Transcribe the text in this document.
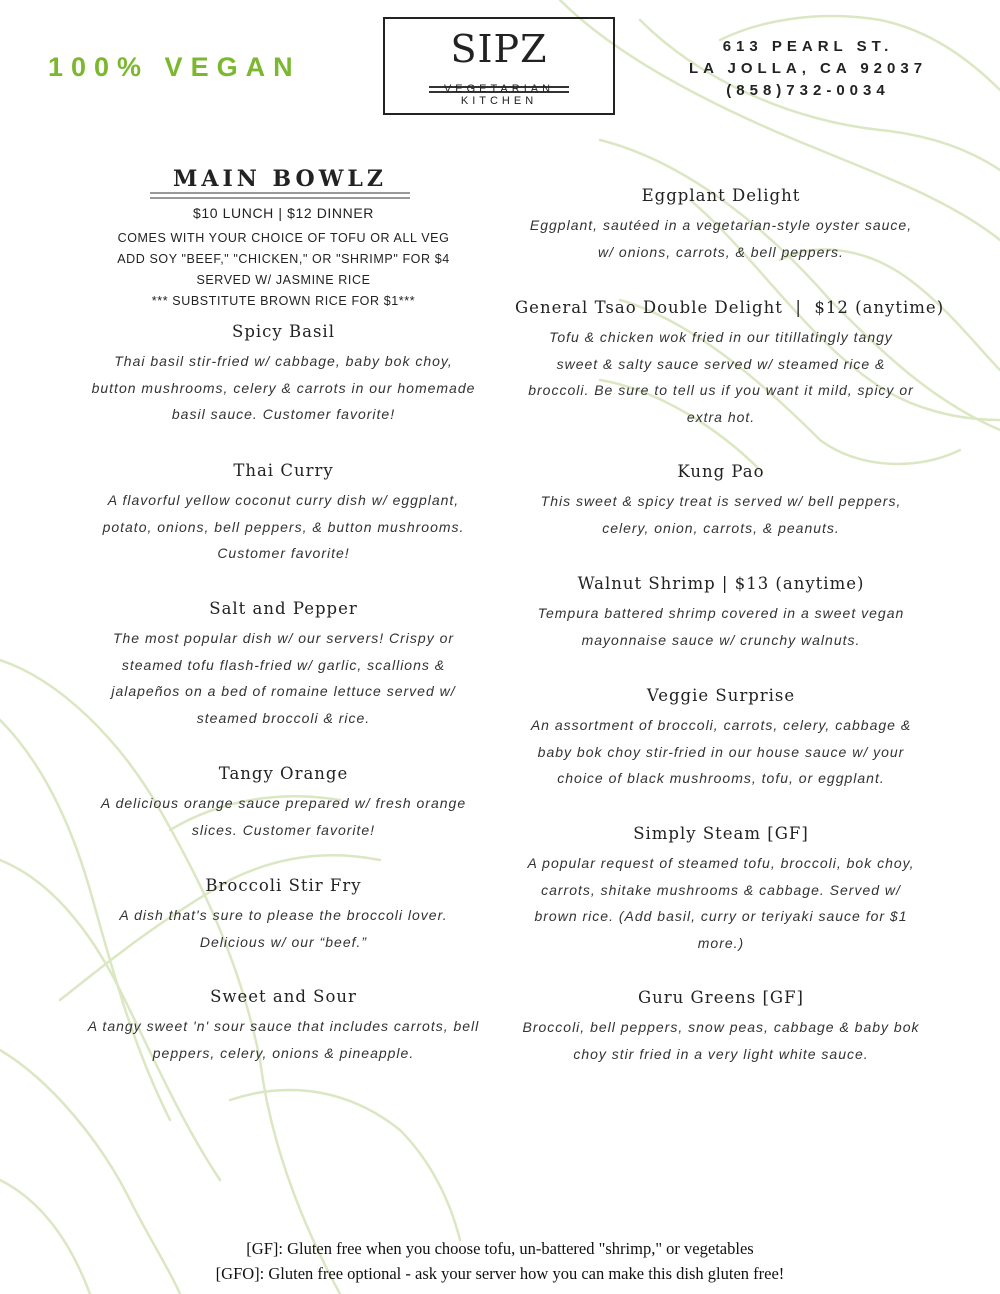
100% VEGAN	SIPZ
VEGETARIAN
KITCHEN
613 PEARL ST.
LA JOLLA, CA 92037
(858)732-0034
MAIN BOWLZ
$10 LUNCH | $12 DINNER
COMES WITH YOUR CHOICE OF TOFU OR ALL VEG
ADD SOY "BEEF," "CHICKEN," OR "SHRIMP" FOR $4
SERVED W/ JASMINE RICE
*** SUBSTITUTE BROWN RICE FOR $1***
Spicy Basil
Thai basil stir-fried w/ cabbage, baby bok choy,
button mushrooms, celery & carrots in our homemade
basil sauce. Customer favorite!
Thai Curry
A flavorful yellow coconut curry dish w/ eggplant,
potato, onions, bell peppers, & button mushrooms.
Customer favorite!
Salt and Pepper
The most popular dish w/ our servers! Crispy or
steamed tofu flash-fried w/ garlic, scallions &
jalapeños on a bed of romaine lettuce served w/
steamed broccoli & rice.
Tangy Orange
A delicious orange sauce prepared w/ fresh orange
slices. Customer favorite!
Broccoli Stir Fry
A dish that's sure to please the broccoli lover.
Delicious w/ our “beef.”
Sweet and Sour
A tangy sweet 'n' sour sauce that includes carrots, bell
peppers, celery, onions & pineapple.
Eggplant Delight
Eggplant, sautéed in a vegetarian-style oyster sauce,
w/ onions, carrots, & bell peppers.
General Tsao Double Delight  |  $12 (anytime)
Tofu & chicken wok fried in our titillatingly tangy
sweet & salty sauce served w/ steamed rice &
broccoli. Be sure to tell us if you want it mild, spicy or
extra hot.
Kung Pao
This sweet & spicy treat is served w/ bell peppers,
celery, onion, carrots, & peanuts.
Walnut Shrimp | $13 (anytime)
Tempura battered shrimp covered in a sweet vegan
mayonnaise sauce w/ crunchy walnuts.
Veggie Surprise
An assortment of broccoli, carrots, celery, cabbage &
baby bok choy stir-fried in our house sauce w/ your
choice of black mushrooms, tofu, or eggplant.
Simply Steam [GF]
A popular request of steamed tofu, broccoli, bok choy,
carrots, shitake mushrooms & cabbage. Served w/
brown rice. (Add basil, curry or teriyaki sauce for $1
more.)
Guru Greens [GF]
Broccoli, bell peppers, snow peas, cabbage & baby bok
choy stir fried in a very light white sauce.
[GF]: Gluten free when you choose tofu, un-battered "shrimp," or vegetables
[GFO]: Gluten free optional - ask your server how you can make this dish gluten free!
